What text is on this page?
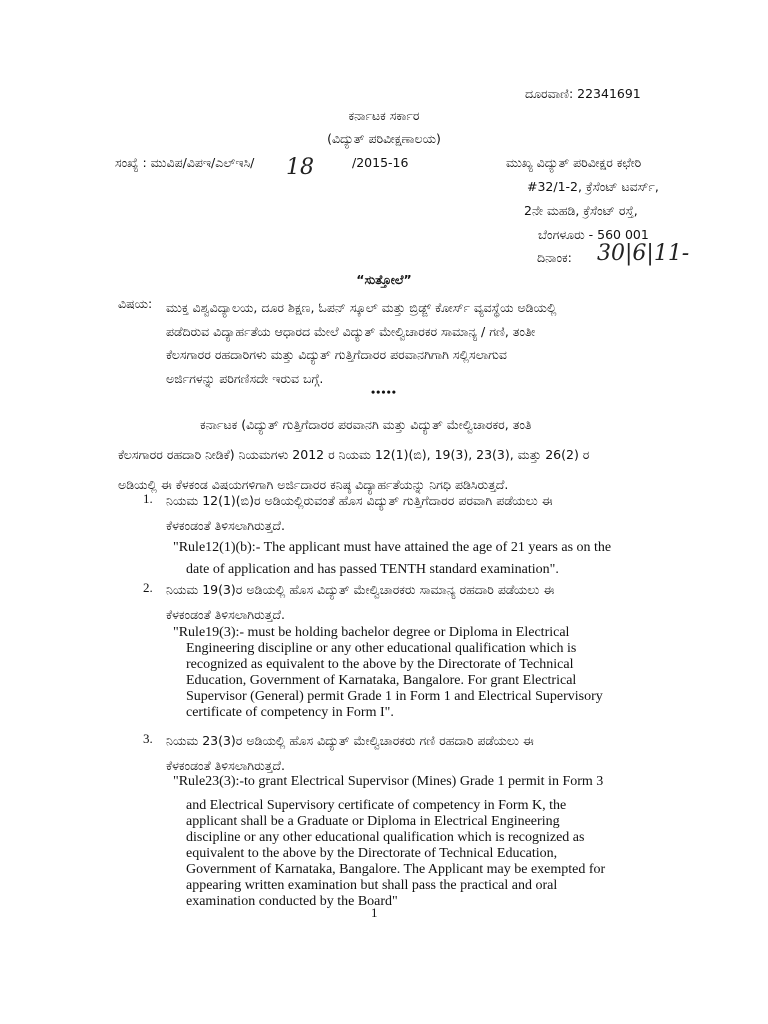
ದೂರವಾಣಿ: 22341691
ಕರ್ನಾಟಕ ಸರ್ಕಾರ
(ವಿದ್ಯುತ್ ಪರಿವೀಕ್ಷಣಾಲಯ)
ಸಂಖ್ಯೆ : ಮುವಿಪ/ವಿಪಇ/ಎಲ್‌ಇಸಿ/ 18	/2015-16	ಮುಖ್ಯ ವಿದ್ಯುತ್ ಪರಿವೀಕ್ಷರ ಕಛೇರಿ
#32/1-2, ಕ್ರೆಸೆಂಟ್ ಟವರ್ಸ್,
2ನೇ ಮಹಡಿ, ಕ್ರೆಸೆಂಟ್ ರಸ್ತೆ,
ಬೆಂಗಳೂರು - 560 001
ದಿನಾಂಕ: 30|6|11-
“ಸುತ್ತೋಲೆ”
ವಿಷಯ: ಮುಕ್ತ ವಿಶ್ವವಿದ್ಯಾಲಯ, ದೂರ ಶಿಕ್ಷಣ, ಓಪನ್ ಸ್ಕೂಲ್ ಮತ್ತು ಬ್ರಿಡ್ಜ್ ಕೋರ್ಸ್ ವ್ಯವಸ್ಥೆಯ ಅಡಿಯಲ್ಲಿ
ಪಡೆದಿರುವ ವಿದ್ಯಾರ್ಹತೆಯ ಆಧಾರದ ಮೇಲೆ ವಿದ್ಯುತ್ ಮೇಲ್ವಿಚಾರಕರ ಸಾಮಾನ್ಯ / ಗಣಿ, ತಂತೀ
ಕೆಲಸಗಾರರ ರಹದಾರಿಗಳು ಮತ್ತು ವಿದ್ಯುತ್ ಗುತ್ತಿಗೆದಾರರ ಪರವಾನಗಿಗಾಗಿ ಸಲ್ಲಿಸಲಾಗುವ
ಅರ್ಜಿಗಳನ್ನು ಪರಿಗಣಿಸದೇ ಇರುವ ಬಗ್ಗೆ.
•••••
ಕರ್ನಾಟಕ (ವಿದ್ಯುತ್ ಗುತ್ತಿಗೆದಾರರ ಪರವಾನಗಿ ಮತ್ತು ವಿದ್ಯುತ್ ಮೇಲ್ವಿಚಾರಕರ, ತಂತಿ
ಕೆಲಸಗಾರರ ರಹದಾರಿ ನೀಡಿಕೆ) ನಿಯಮಗಳು 2012 ರ ನಿಯಮ 12(1)(ಬಿ), 19(3), 23(3), ಮತ್ತು 26(2) ರ
ಅಡಿಯಲ್ಲಿ ಈ ಕೆಳಕಂಡ ವಿಷಯಗಳಿಗಾಗಿ ಅರ್ಜಿದಾರರ ಕನಿಷ್ಠ ವಿದ್ಯಾರ್ಹತೆಯನ್ನು ನಿಗಧಿ ಪಡಿಸಿರುತ್ತದೆ.
1. ನಿಯಮ 12(1)(ಬಿ)ರ ಅಡಿಯಲ್ಲಿರುವಂತೆ ಹೊಸ ವಿದ್ಯುತ್ ಗುತ್ತಿಗೆದಾರರ ಪರವಾಗಿ ಪಡೆಯಲು ಈ
ಕೆಳಕಂಡಂತೆ ತಿಳಿಸಲಾಗಿರುತ್ತದೆ.
"Rule12(1)(b):- The applicant must have attained the age of 21 years as on the
date of application and has passed TENTH standard examination".
2. ನಿಯಮ 19(3)ರ ಅಡಿಯಲ್ಲಿ ಹೊಸ ವಿದ್ಯುತ್ ಮೇಲ್ವಿಚಾರಕರು ಸಾಮಾನ್ಯ ರಹದಾರಿ ಪಡೆಯಲು ಈ
ಕೆಳಕಂಡಂತೆ ತಿಳಿಸಲಾಗಿರುತ್ತದೆ.
"Rule19(3):- must be holding bachelor degree or Diploma in Electrical
Engineering discipline or any other educational qualification which is
recognized as equivalent to the above by the Directorate of Technical
Education, Government of Karnataka, Bangalore. For grant Electrical
Supervisor (General) permit Grade 1 in Form 1 and Electrical Supervisory
certificate of competency in Form I".
3. ನಿಯಮ 23(3)ರ ಅಡಿಯಲ್ಲಿ ಹೊಸ ವಿದ್ಯುತ್ ಮೇಲ್ವಿಚಾರಕರು ಗಣಿ ರಹದಾರಿ ಪಡೆಯಲು ಈ
ಕೆಳಕಂಡಂತೆ ತಿಳಿಸಲಾಗಿರುತ್ತದೆ.
"Rule23(3):-to grant Electrical Supervisor (Mines) Grade 1 permit in Form 3
and Electrical Supervisory certificate of competency in Form K, the
applicant shall be a Graduate or Diploma in Electrical Engineering
discipline or any other educational qualification which is recognized as
equivalent to the above by the Directorate of Technical Education,
Government of Karnataka, Bangalore. The Applicant may be exempted for
appearing written examination but shall pass the practical and oral
examination conducted by the Board"
1
